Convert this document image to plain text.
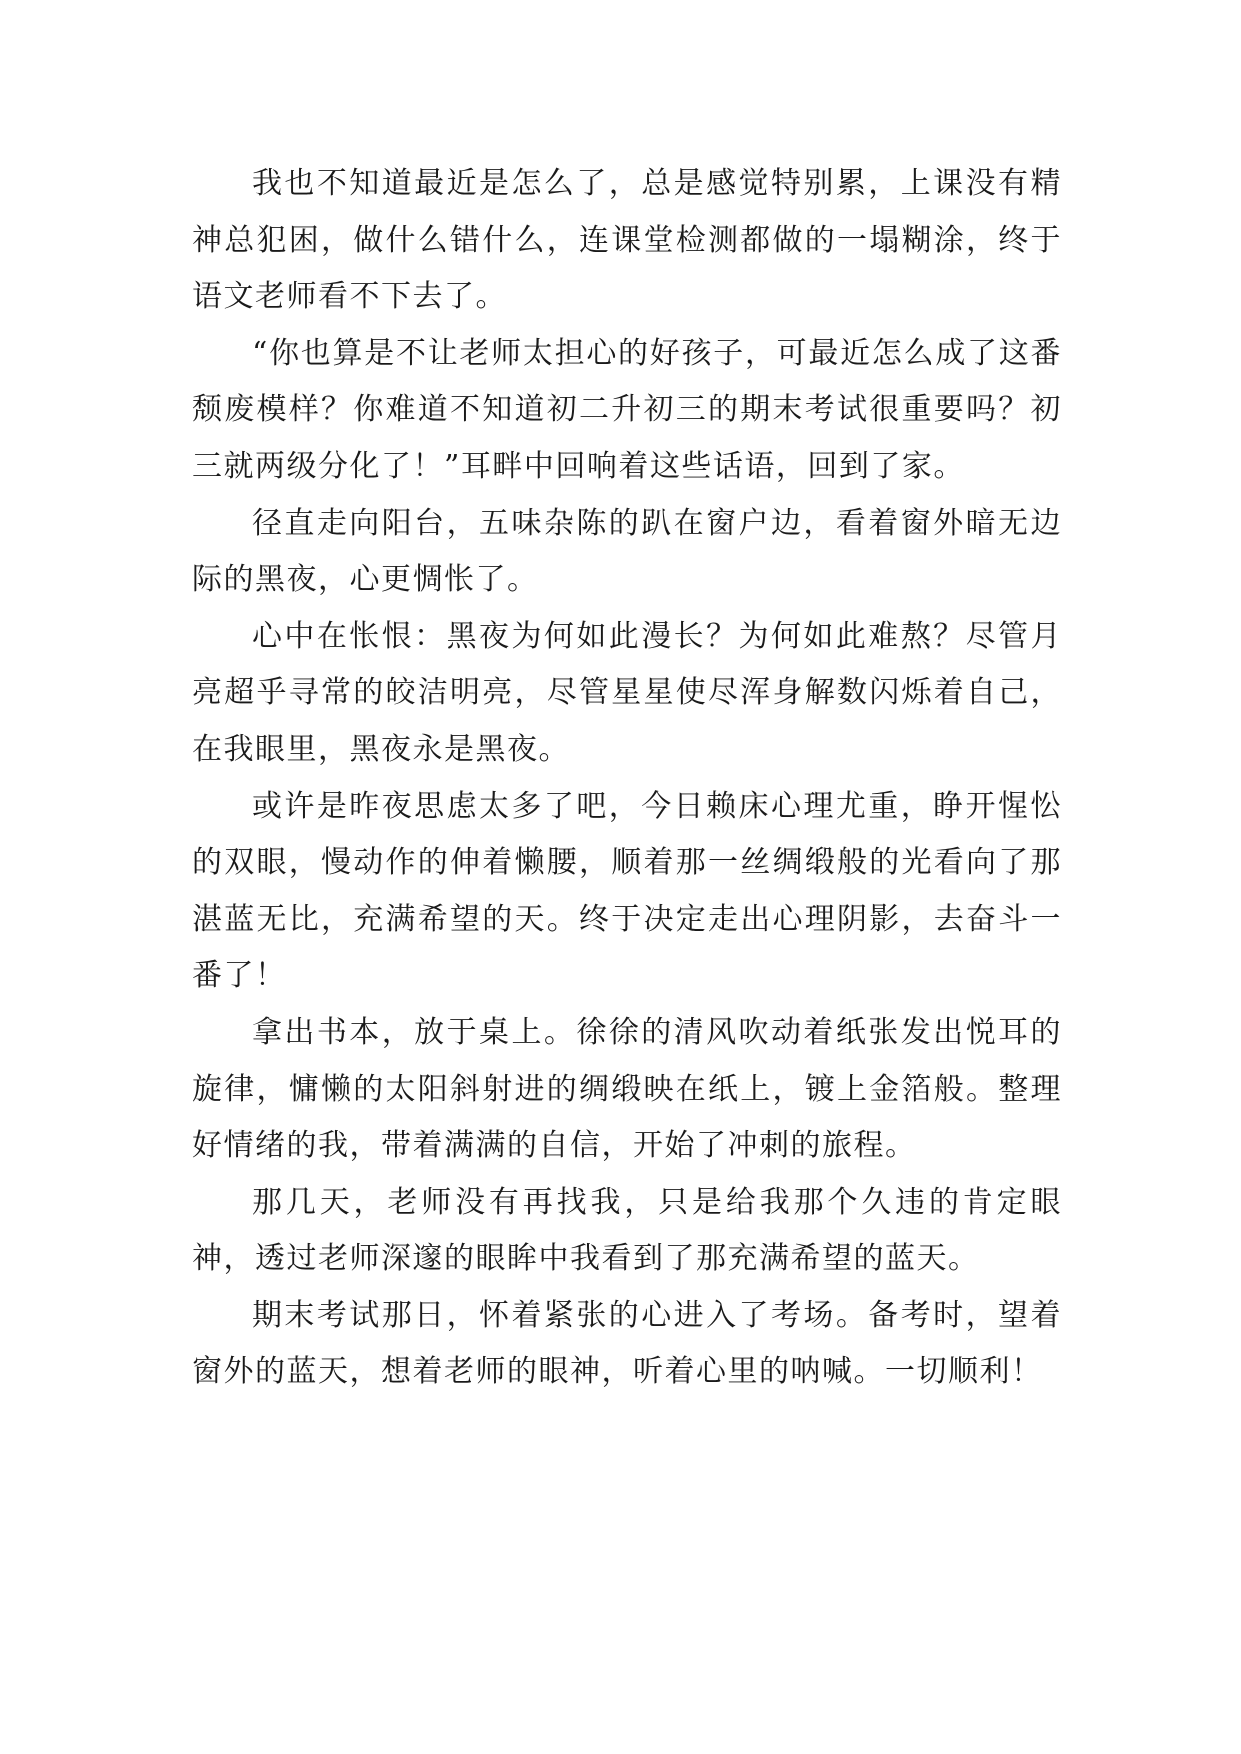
我也不知道最近是怎么了，总是感觉特别累，上课没有精神总犯困，做什么错什么，连课堂检测都做的一塌糊涂，终于语文老师看不下去了。

“你也算是不让老师太担心的好孩子，可最近怎么成了这番颓废模样？你难道不知道初二升初三的期末考试很重要吗？初三就两级分化了！”耳畔中回响着这些话语，回到了家。

径直走向阳台，五味杂陈的趴在窗户边，看着窗外暗无边际的黑夜，心更惆怅了。

心中在怅恨：黑夜为何如此漫长？为何如此难熬？尽管月亮超乎寻常的皎洁明亮，尽管星星使尽浑身解数闪烁着自己，在我眼里，黑夜永是黑夜。

或许是昨夜思虑太多了吧，今日赖床心理尤重，睁开惺忪的双眼，慢动作的伸着懒腰，顺着那一丝绸缎般的光看向了那湛蓝无比，充满希望的天。终于决定走出心理阴影，去奋斗一番了！

拿出书本，放于桌上。徐徐的清风吹动着纸张发出悦耳的旋律，慵懒的太阳斜射进的绸缎映在纸上，镀上金箔般。整理好情绪的我，带着满满的自信，开始了冲刺的旅程。

那几天，老师没有再找我，只是给我那个久违的肯定眼神，透过老师深邃的眼眸中我看到了那充满希望的蓝天。

期末考试那日，怀着紧张的心进入了考场。备考时，望着窗外的蓝天，想着老师的眼神，听着心里的呐喊。一切顺利！
